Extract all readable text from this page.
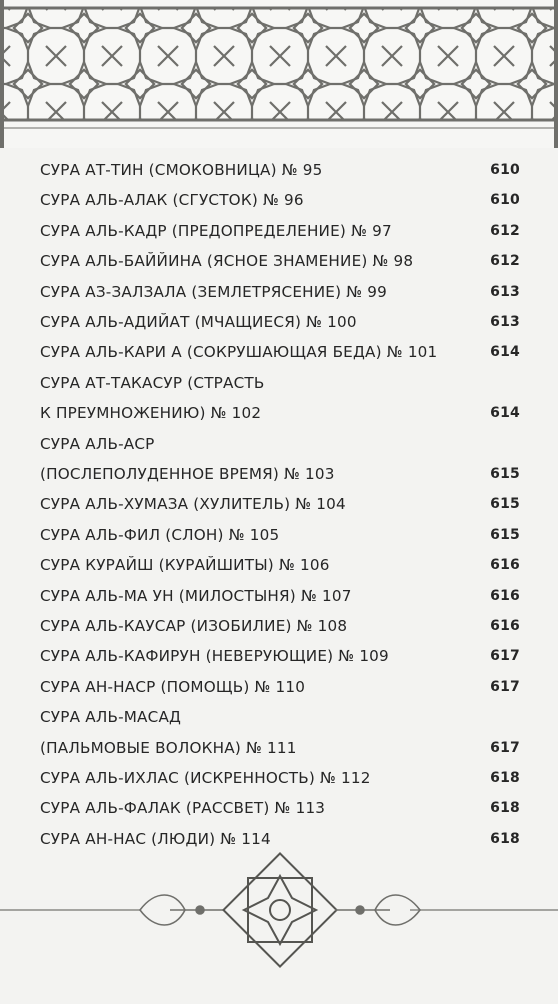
СУРА АТ-ТИН (СМОКОВНИЦА) № 95	610
СУРА АЛЬ-АЛАК (СГУСТОК) № 96	610
СУРА АЛЬ-КАДР (ПРЕДОПРЕДЕЛЕНИЕ) № 97	612
СУРА АЛЬ-БАЙЙИНА (ЯСНОЕ ЗНАМЕНИЕ) № 98	612
СУРА АЗ-ЗАЛЗАЛА (ЗЕМЛЕТРЯСЕНИЕ) № 99	613
СУРА АЛЬ-АДИЙАТ (МЧАЩИЕСЯ) № 100	613
СУРА АЛЬ-КАРИ А (СОКРУШАЮЩАЯ БЕДА) № 101	614
СУРА АТ-ТАКАСУР (СТРАСТЬ
К ПРЕУМНОЖЕНИЮ) № 102	614
СУРА АЛЬ-АСР
(ПОСЛЕПОЛУДЕННОЕ ВРЕМЯ) № 103	615
СУРА АЛЬ-ХУМАЗА (ХУЛИТЕЛЬ) № 104	615
СУРА АЛЬ-ФИЛ (СЛОН) № 105	615
СУРА КУРАЙШ (КУРАЙШИТЫ) № 106	616
СУРА АЛЬ-МА УН (МИЛОСТЫНЯ) № 107	616
СУРА АЛЬ-КАУСАР (ИЗОБИЛИЕ) № 108	616
СУРА АЛЬ-КАФИРУН (НЕВЕРУЮЩИЕ) № 109	617
СУРА АН-НАСР (ПОМОЩЬ) № 110	617
СУРА АЛЬ-МАСАД
(ПАЛЬМОВЫЕ ВОЛОКНА) № 111	617
СУРА АЛЬ-ИХЛАС (ИСКРЕННОСТЬ) № 112	618
СУРА АЛЬ-ФАЛАК (РАССВЕТ) № 113	618
СУРА АН-НАС (ЛЮДИ) № 114	618
